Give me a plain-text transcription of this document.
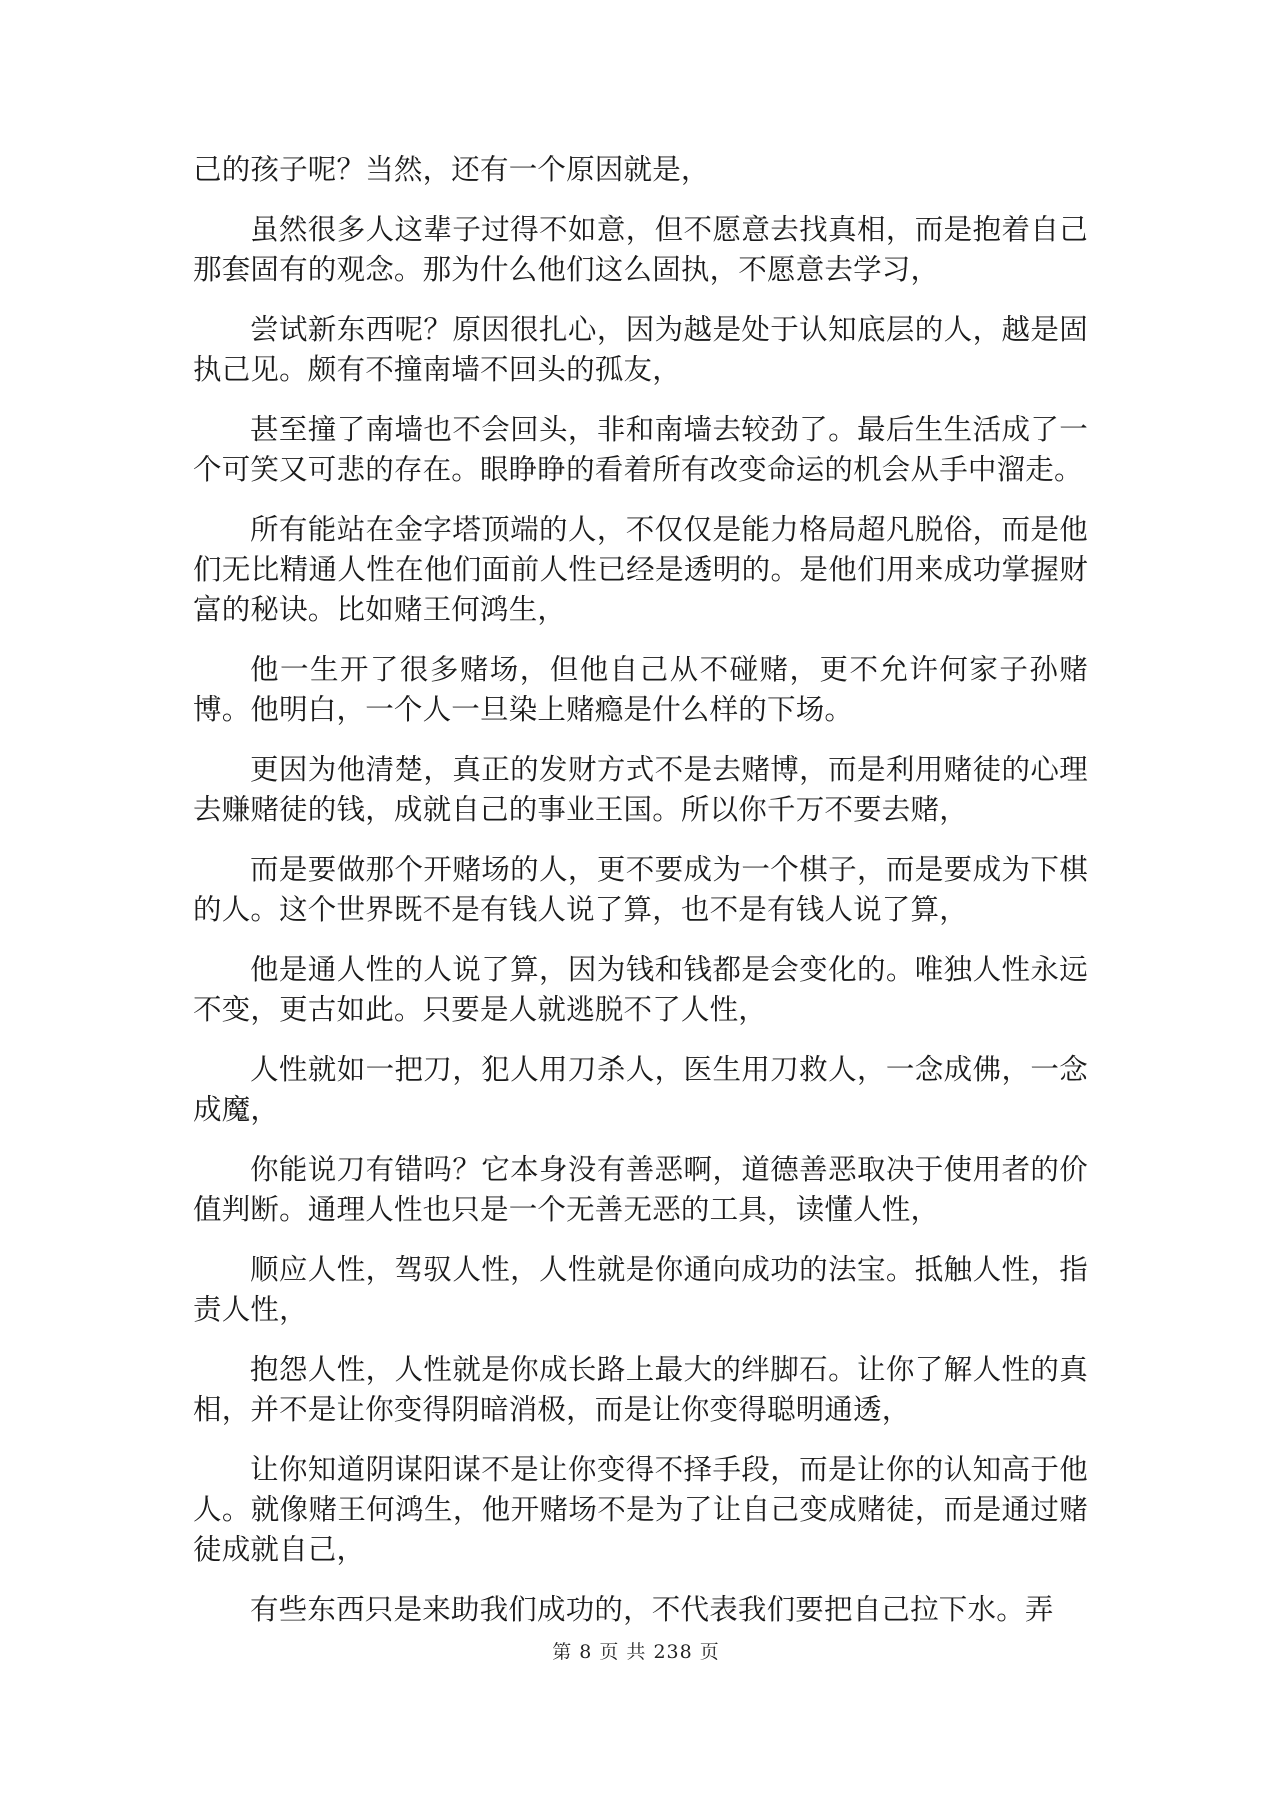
己的孩子呢？当然，还有一个原因就是，

虽然很多人这辈子过得不如意，但不愿意去找真相，而是抱着自己那套固有的观念。那为什么他们这么固执，不愿意去学习，

尝试新东西呢？原因很扎心，因为越是处于认知底层的人，越是固执己见。颇有不撞南墙不回头的孤友，

甚至撞了南墙也不会回头，非和南墙去较劲了。最后生生活成了一个可笑又可悲的存在。眼睁睁的看着所有改变命运的机会从手中溜走。

所有能站在金字塔顶端的人，不仅仅是能力格局超凡脱俗，而是他们无比精通人性在他们面前人性已经是透明的。是他们用来成功掌握财富的秘诀。比如赌王何鸿生，

他一生开了很多赌场，但他自己从不碰赌，更不允许何家子孙赌博。他明白，一个人一旦染上赌瘾是什么样的下场。

更因为他清楚，真正的发财方式不是去赌博，而是利用赌徒的心理去赚赌徒的钱，成就自己的事业王国。所以你千万不要去赌，

而是要做那个开赌场的人，更不要成为一个棋子，而是要成为下棋的人。这个世界既不是有钱人说了算，也不是有钱人说了算，

他是通人性的人说了算，因为钱和钱都是会变化的。唯独人性永远不变，更古如此。只要是人就逃脱不了人性，

人性就如一把刀，犯人用刀杀人，医生用刀救人，一念成佛，一念成魔，

你能说刀有错吗？它本身没有善恶啊，道德善恶取决于使用者的价值判断。通理人性也只是一个无善无恶的工具，读懂人性，

顺应人性，驾驭人性，人性就是你通向成功的法宝。抵触人性，指责人性，

抱怨人性，人性就是你成长路上最大的绊脚石。让你了解人性的真相，并不是让你变得阴暗消极，而是让你变得聪明通透，

让你知道阴谋阳谋不是让你变得不择手段，而是让你的认知高于他人。就像赌王何鸿生，他开赌场不是为了让自己变成赌徒，而是通过赌徒成就自己，

有些东西只是来助我们成功的，不代表我们要把自己拉下水。弄

第 8 页 共 238 页
